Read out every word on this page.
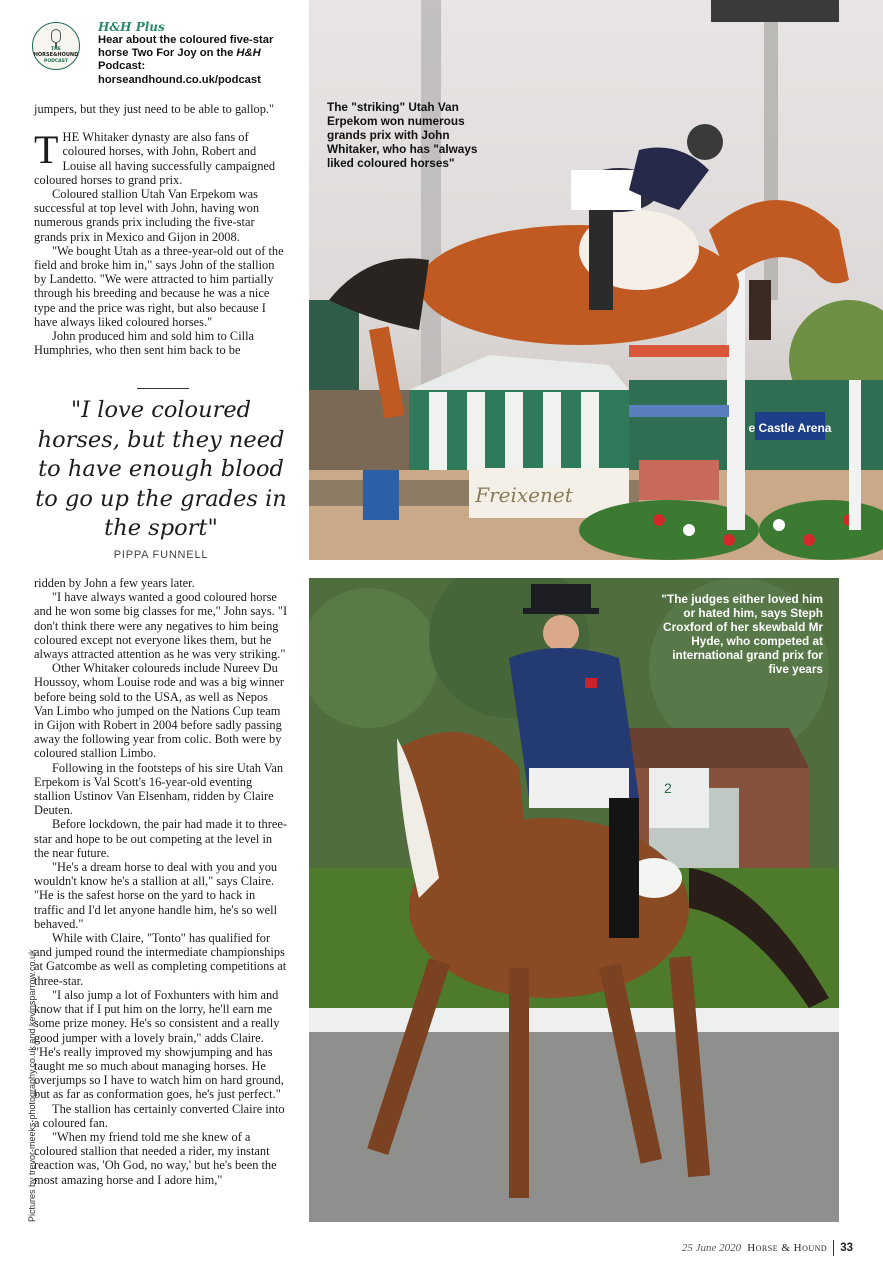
THE
HORSE&HOUND
PODCAST
H&H Plus
Hear about the coloured five-star
horse Two For Joy on the H&H Podcast:
horseandhound.co.uk/podcast

jumpers, but they just need to be able to gallop."

THE Whitaker dynasty are also fans of coloured horses, with John, Robert and Louise all having successfully campaigned coloured horses to grand prix.

Coloured stallion Utah Van Erpekom was successful at top level with John, having won numerous grands prix including the five-star grands prix in Mexico and Gijon in 2008.

"We bought Utah as a three-year-old out of the field and broke him in," says John of the stallion by Landetto. "We were attracted to him partially through his breeding and because he was a nice type and the price was right, but also because I have always liked coloured horses."

John produced him and sold him to Cilla Humphries, who then sent him back to be

"I love coloured horses, but they need to have enough blood to go up the grades in the sport"
PIPPA FUNNELL

ridden by John a few years later.

"I have always wanted a good coloured horse and he won some big classes for me," John says. "I don't think there were any negatives to him being coloured except not everyone likes them, but he always attracted attention as he was very striking."

Other Whitaker coloureds include Nureev Du Houssoy, whom Louise rode and was a big winner before being sold to the USA, as well as Nepos Van Limbo who jumped on the Nations Cup team in Gijon with Robert in 2004 before sadly passing away the following year from colic. Both were by coloured stallion Limbo.

Following in the footsteps of his sire Utah Van Erpekom is Val Scott's 16-year-old eventing stallion Ustinov Van Elsenham, ridden by Claire Deuten.

Before lockdown, the pair had made it to three-star and hope to be out competing at the level in the near future.

"He's a dream horse to deal with you and you wouldn't know he's a stallion at all," says Claire. "He is the safest horse on the yard to hack in traffic and I'd let anyone handle him, he's so well behaved."

While with Claire, "Tonto" has qualified for and jumped round the intermediate championships at Gatcombe as well as completing competitions at three-star.

"I also jump a lot of Foxhunters with him and know that if I put him on the lorry, he'll earn me some prize money. He's so consistent and a really good jumper with a lovely brain," adds Claire. "He's really improved my showjumping and has taught me so much about managing horses. He overjumps so I have to watch him on hard ground, but as far as conformation goes, he's just perfect."

The stallion has certainly converted Claire into a coloured fan.

"When my friend told me she knew of a coloured stallion that needed a rider, my instant reaction was, 'Oh God, no way,' but he's been the most amazing horse and I adore him,"

Pictures by trevor-meeks-photography.co.uk and kevinsparrow.co.uk
e Castle Arena
Freixenet
The "striking" Utah Van Erpekom won numerous grands prix with John Whitaker, who has "always liked coloured horses"
2
"The judges either loved him or hated him, says Steph Croxford of her skewbald Mr Hyde, who competed at international grand prix for five years
25 June 2020 Horse & Hound 33
